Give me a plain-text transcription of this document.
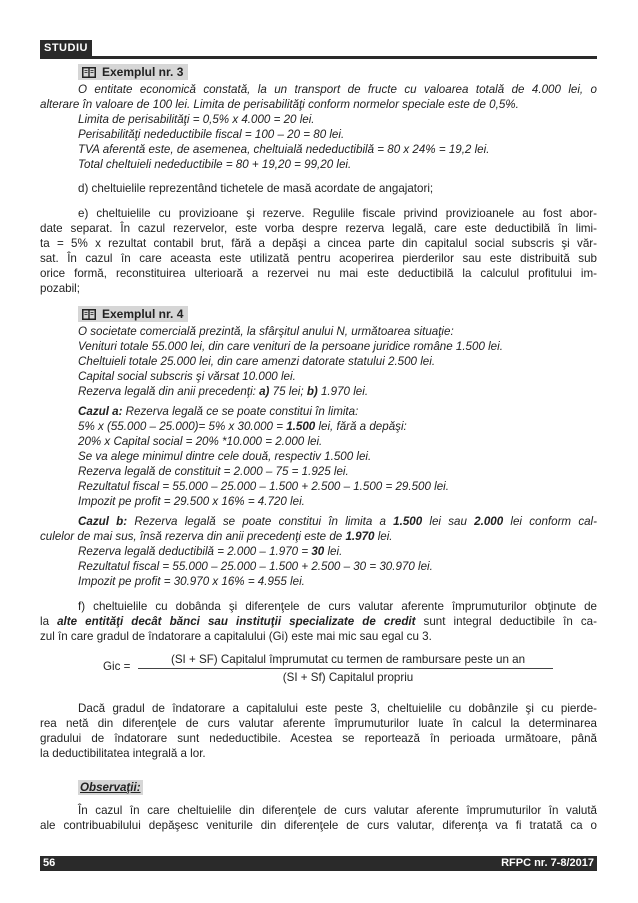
STUDIU
Exemplul nr. 3
O entitate economică constată, la un transport de fructe cu valoarea totală de 4.000 lei, o
alterare în valoare de 100 lei. Limita de perisabilităţi conform normelor speciale este de 0,5%.
Limita de perisabilităţi = 0,5% x 4.000 = 20 lei.
Perisabilităţi nedeductibile fiscal = 100 – 20 = 80 lei.
TVA aferentă este, de asemenea, cheltuială nedeductibilă = 80 x 24% = 19,2 lei.
Total cheltuieli nedeductibile = 80 + 19,20 = 99,20 lei.
d) cheltuielile reprezentând tichetele de masă acordate de angajatori;
e) cheltuielile cu provizioane şi rezerve. Regulile fiscale privind provizioanele au fost abor-
date separat. În cazul rezervelor, este vorba despre rezerva legală, care este deductibilă în limi-
ta = 5% x rezultat contabil brut, fără a depăşi a cincea parte din capitalul social subscris şi văr-
sat. În cazul în care aceasta este utilizată pentru acoperirea pierderilor sau este distribuită sub
orice formă, reconstituirea ulterioară a rezervei nu mai este deductibilă la calculul profitului im-
pozabil;
Exemplul nr. 4
O societate comercială prezintă, la sfârşitul anului N, următoarea situaţie:
Venituri totale 55.000 lei, din care venituri de la persoane juridice române 1.500 lei.
Cheltuieli totale 25.000 lei, din care amenzi datorate statului 2.500 lei.
Capital social subscris şi vărsat 10.000 lei.
Rezerva legală din anii precedenţi: a) 75 lei; b) 1.970 lei.
Cazul a: Rezerva legală ce se poate constitui în limita:
5% x (55.000 – 25.000)= 5% x 30.000 = 1.500 lei, fără a depăşi:
20% x Capital social = 20% *10.000 = 2.000 lei.
Se va alege minimul dintre cele două, respectiv 1.500 lei.
Rezerva legală de constituit = 2.000 – 75 = 1.925 lei.
Rezultatul fiscal = 55.000 – 25.000 – 1.500 + 2.500 – 1.500 = 29.500 lei.
Impozit pe profit = 29.500 x 16% = 4.720 lei.
Cazul b: Rezerva legală se poate constitui în limita a 1.500 lei sau 2.000 lei conform cal-
culelor de mai sus, însă rezerva din anii precedenţi este de 1.970 lei.
Rezerva legală deductibilă = 2.000 – 1.970 = 30 lei.
Rezultatul fiscal = 55.000 – 25.000 – 1.500 + 2.500 – 30 = 30.970 lei.
Impozit pe profit = 30.970 x 16% = 4.955 lei.
f) cheltuielile cu dobânda şi diferenţele de curs valutar aferente împrumuturilor obţinute de
la alte entităţi decât bănci sau instituţii specializate de credit sunt integral deductibile în ca-
zul în care gradul de îndatorare a capitalului (Gi) este mai mic sau egal cu 3.
Gic =
(SI + SF) Capitalul împrumutat cu termen de rambursare peste un an
(SI + Sf) Capitalul propriu
Dacă gradul de îndatorare a capitalului este peste 3, cheltuielile cu dobânzile şi cu pierde-
rea netă din diferenţele de curs valutar aferente împrumuturilor luate în calcul la determinarea
gradului de îndatorare sunt nedeductibile. Acestea se reportează în perioada următoare, până
la deductibilitatea integrală a lor.
Observaţii:
În cazul în care cheltuielile din diferenţele de curs valutar aferente împrumuturilor în valută
ale contribuabilului depăşesc veniturile din diferenţele de curs valutar, diferenţa va fi tratată ca o
56	RFPC nr. 7-8/2017
